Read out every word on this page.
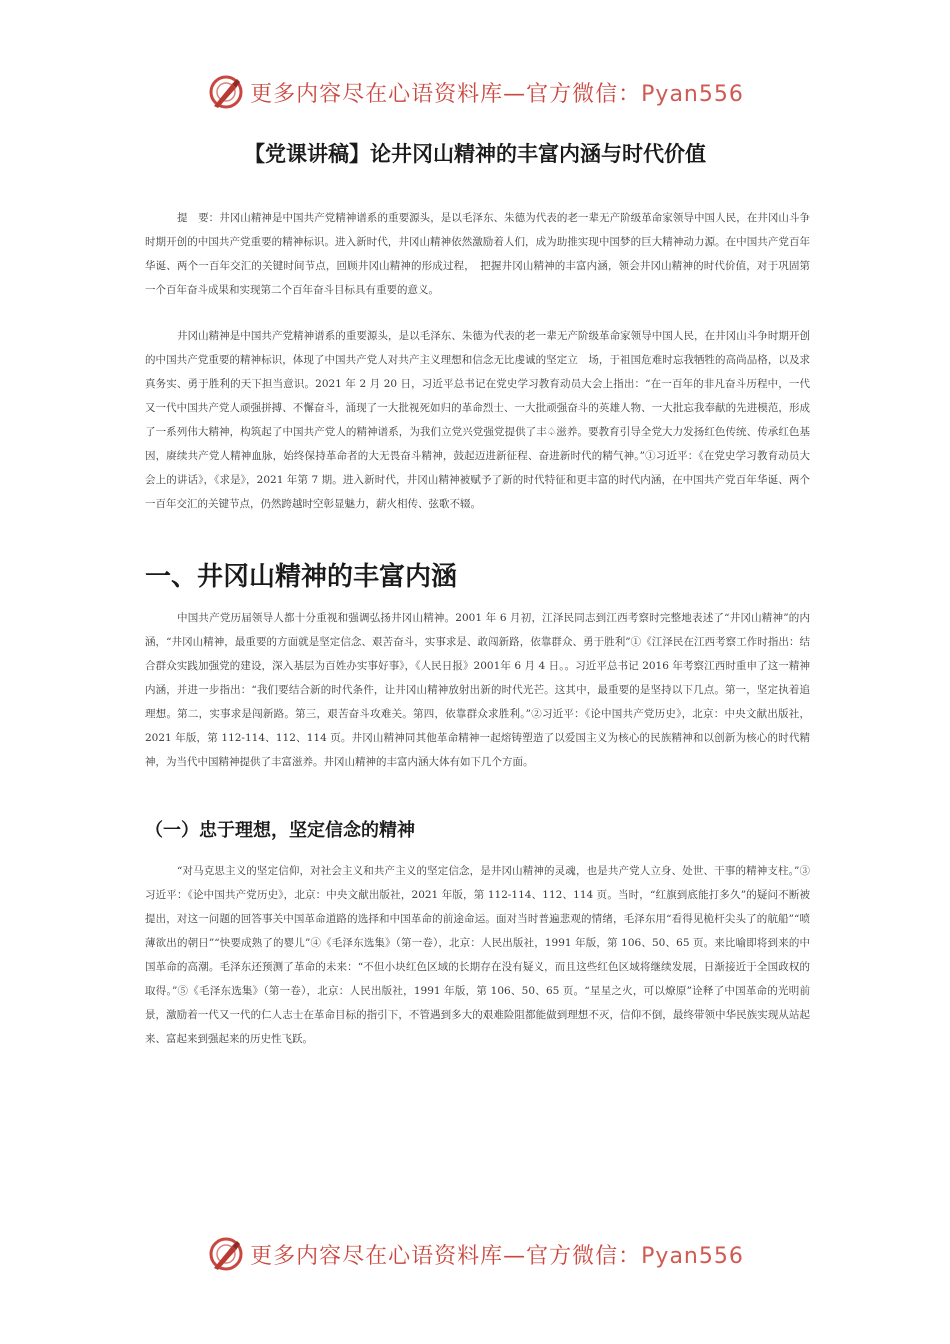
更多内容尽在心语资料库—官方微信：Pyan556
【党课讲稿】论井冈山精神的丰富内涵与时代价值

提　要：井冈山精神是中国共产党精神谱系的重要源头，是以毛泽东、朱德为代表的老一辈无产阶级革命家领导中国人民，在井冈山斗争时期开创的中国共产党重要的精神标识。进入新时代，井冈山精神依然激励着人们，成为助推实现中国梦的巨大精神动力源。在中国共产党百年华诞、两个一百年交汇的关键时间节点，回顾井冈山精神的形成过程，　把握井冈山精神的丰富内涵，领会井冈山精神的时代价值，对于巩固第一个百年奋斗成果和实现第二个百年奋斗目标具有重要的意义。

井冈山精神是中国共产党精神谱系的重要源头，是以毛泽东、朱德为代表的老一辈无产阶级革命家领导中国人民，在井冈山斗争时期开创的中国共产党重要的精神标识，体现了中国共产党人对共产主义理想和信念无比虔诚的坚定立　场，于祖国危难时忘我牺牲的高尚品格，以及求真务实、勇于胜利的天下担当意识。2021 年 2 月 20 日，习近平总书记在党史学习教育动员大会上指出：“在一百年的非凡奋斗历程中，一代又一代中国共产党人顽强拼搏、不懈奋斗，涌现了一大批视死如归的革命烈士、一大批顽强奋斗的英雄人物、一大批忘我奉献的先进模范，形成了一系列伟大精神，构筑起了中国共产党人的精神谱系，为我们立党兴党强党提供了丰♤滋养。要教育引导全党大力发扬红色传统、传承红色基因，赓续共产党人精神血脉，始终保持革命者的大无畏奋斗精神，鼓起迈进新征程、奋进新时代的精气神。”①习近平：《在党史学习教育动员大会上的讲话》，《求是》，2021 年第 7 期。进入新时代，井冈山精神被赋予了新的时代特征和更丰富的时代内涵，在中国共产党百年华诞、两个一百年交汇的关键节点，仍然跨越时空彰显魅力，薪火相传、弦歌不辍。

一、井冈山精神的丰富内涵

中国共产党历届领导人都十分重视和强调弘扬井冈山精神。2001 年 6 月初，江泽民同志到江西考察时完整地表述了“井冈山精神”的内涵，“井冈山精神，最重要的方面就是坚定信念、艰苦奋斗，实事求是、敢闯新路，依靠群众、勇于胜利”①《江泽民在江西考察工作时指出：结合群众实践加强党的建设，深入基层为百姓办实事好事》，《人民日报》2001年 6 月 4 日。。习近平总书记 2016 年考察江西时重申了这一精神内涵，并进一步指出：“我们要结合新的时代条件，让井冈山精神放射出新的时代光芒。这其中，最重要的是坚持以下几点。第一，坚定执着追理想。第二，实事求是闯新路。第三，艰苦奋斗攻难关。第四，依靠群众求胜利。”②习近平：《论中国共产党历史》，北京：中央文献出版社，2021 年版，第 112-114、112、114 页。井冈山精神同其他革命精神一起熔铸塑造了以爱国主义为核心的民族精神和以创新为核心的时代精神，为当代中国精神提供了丰富滋养。井冈山精神的丰富内涵大体有如下几个方面。

（一）忠于理想，坚定信念的精神

“对马克思主义的坚定信仰，对社会主义和共产主义的坚定信念，是井冈山精神的灵魂，也是共产党人立身、处世、干事的精神支柱。”③习近平：《论中国共产党历史》，北京：中央文献出版社，2021 年版，第 112-114、112、114 页。当时，“红旗到底能打多久”的疑问不断被提出，对这一问题的回答事关中国革命道路的选择和中国革命的前途命运。面对当时普遍悲观的情绪，毛泽东用“看得见桅杆尖头了的航船”“喷薄欲出的朝日”“快要成熟了的婴儿”④《毛泽东选集》（第一卷），北京：人民出版社，1991 年版，第 106、50、65 页。来比喻即将到来的中国革命的高潮。毛泽东还预测了革命的未来：“不但小块红色区域的长期存在没有疑义，而且这些红色区域将继续发展，日渐接近于全国政权的取得。”⑤《毛泽东选集》（第一卷），北京：人民出版社，1991 年版，第 106、50、65 页。“星星之火，可以燎原”诠释了中国革命的光明前景，激励着一代又一代的仁人志士在革命目标的指引下，不管遇到多大的艰难险阻都能做到理想不灭，信仰不倒，最终带领中华民族实现从站起来、富起来到强起来的历史性飞跃。

更多内容尽在心语资料库—官方微信：Pyan556
